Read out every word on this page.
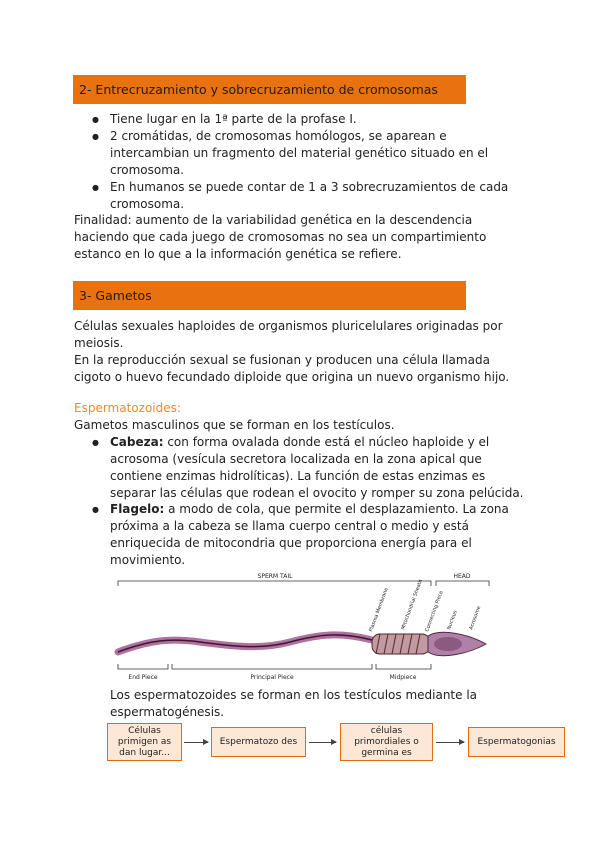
2- Entrecruzamiento y sobrecruzamiento de cromosomas
● Tiene lugar en la 1ª parte de la profase I.
● 2 cromátidas, de cromosomas homólogos, se aparean e
intercambian un fragmento del material genético situado en el
cromosoma.
● En humanos se puede contar de 1 a 3 sobrecruzamientos de cada
cromosoma.
Finalidad: aumento de la variabilidad genética en la descendencia
haciendo que cada juego de cromosomas no sea un compartimiento
estanco en lo que a la información genética se refiere.
3- Gametos
Células sexuales haploides de organismos pluricelulares originadas por
meiosis.
En la reproducción sexual se fusionan y producen una célula llamada
cigoto o huevo fecundado diploide que origina un nuevo organismo hijo.
Espermatozoides:
Gametos masculinos que se forman en los testículos.
● Cabeza: con forma ovalada donde está el núcleo haploide y el
acrosoma (vesícula secretora localizada en la zona apical que
contiene enzimas hidrolíticas). La función de estas enzimas es
separar las células que rodean el ovocito y romper su zona pelúcida.
● Flagelo: a modo de cola, que permite el desplazamiento. La zona
próxima a la cabeza se llama cuerpo central o medio y está
enriquecida de mitocondria que proporciona energía para el
movimiento.
SPERM TAIL	HEAD
Plasma Membrane Mitochondrial Sheath Connecting Piece Nucleus Acrosome
End Piece	Principal Piece	Midpiece
Los espermatozoides se forman en los testículos mediante la
espermatogénesis.
Células primigen as dan lugar...
Espermatozo des
células primordiales o germina es
Espermatogonias
